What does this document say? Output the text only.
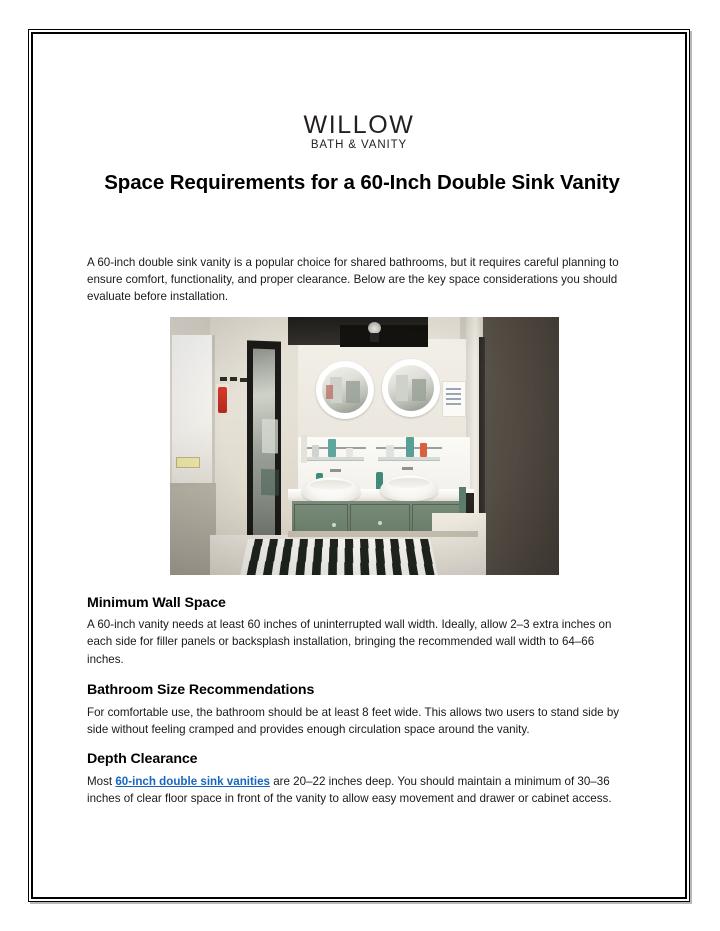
WILLOW
BATH & VANITY
Space Requirements for a 60-Inch Double Sink Vanity
A 60-inch double sink vanity is a popular choice for shared bathrooms, but it requires careful planning to ensure comfort, functionality, and proper clearance. Below are the key space considerations you should evaluate before installation.
Minimum Wall Space
A 60-inch vanity needs at least 60 inches of uninterrupted wall width. Ideally, allow 2–3 extra inches on each side for filler panels or backsplash installation, bringing the recommended wall width to 64–66 inches.
Bathroom Size Recommendations
For comfortable use, the bathroom should be at least 8 feet wide. This allows two users to stand side by side without feeling cramped and provides enough circulation space around the vanity.
Depth Clearance
Most 60-inch double sink vanities are 20–22 inches deep. You should maintain a minimum of 30–36 inches of clear floor space in front of the vanity to allow easy movement and drawer or cabinet access.
